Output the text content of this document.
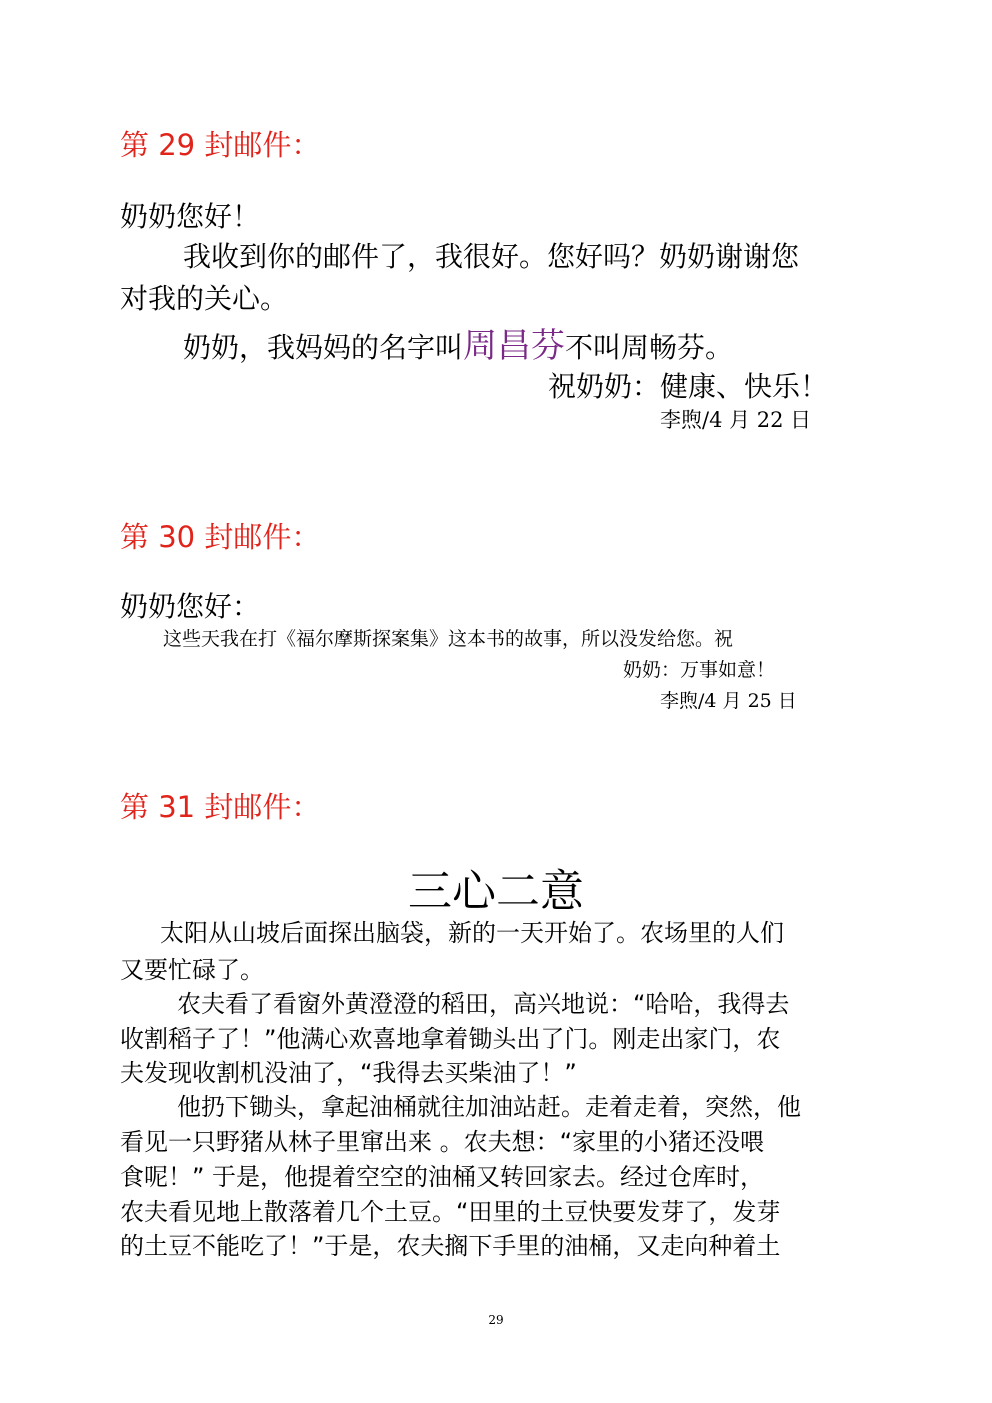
第 29 封邮件：
奶奶您好！
我收到你的邮件了，我很好。您好吗？奶奶谢谢您
对我的关心。
奶奶，我妈妈的名字叫周昌芬不叫周畅芬。
祝奶奶：健康、快乐！
李煦/4 月 22 日
第 30 封邮件：
奶奶您好：
这些天我在打《福尔摩斯探案集》这本书的故事，所以没发给您。祝
奶奶：万事如意！
李煦/4 月 25 日
第 31 封邮件：
三心二意
太阳从山坡后面探出脑袋，新的一天开始了。农场里的人们
又要忙碌了。
农夫看了看窗外黄澄澄的稻田，高兴地说：“哈哈，我得去
收割稻子了！”他满心欢喜地拿着锄头出了门。刚走出家门，农
夫发现收割机没油了，“我得去买柴油了！”
他扔下锄头，拿起油桶就往加油站赶。走着走着，突然，他
看见一只野猪从林子里窜出来 。农夫想：“家里的小猪还没喂
食呢！” 于是，他提着空空的油桶又转回家去。经过仓库时，
农夫看见地上散落着几个土豆。“田里的土豆快要发芽了，发芽
的土豆不能吃了！”于是，农夫搁下手里的油桶，又走向种着土
29
